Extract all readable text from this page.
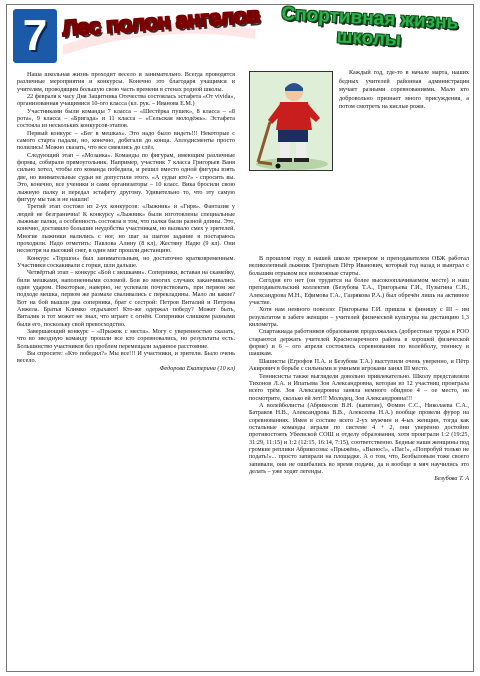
7 Лес полон ангелов	Спортивная жизнь школы

Наша школьная жизнь проходит весело и занимательно. Всегда проводятся различные мероприятия и конкурсы. Конечно это благодаря учащимся и учителям, проводящим большую свою часть времени в стенах родной школы.

22 февраля к часу Дня Защитника Отечества состоялась эстафета «От vivida», организованная учащимися 10-ого класса (кл. рук. – Иванова Е.М.)

Участниками были команды 7 класса – «Шестёрка пушек», 8 класса – «8 рота», 9 класса – «Бригада» и 11 класса – «Сельская молодёжь». Эстафета состояла из нескольких конкурсов-этапов.

Первый конкурс – «Бег в мешках». Это надо было видеть!!! Некоторые с самого старта падали, но, конечно, добегали до конца. Аплодисменты просто полились! Можно сказать, что все смеялись до слёз.

Следующий этап – «Мозаика». Команды по фигурам, имеющим различные формы, собирали прямоугольник. Например, участник 7 класса Григорьев Ваня сильно хотел, чтобы его команда победила, и решил вместо одной фигуры взять две, но внимательные судьи не допустили этого. «А судьи кто?» - спросить вы. Это, конечно, все ученики и сами организаторы – 10 класс. Вика бросили свою лыжную палку и передал эстафету другому. Удивительно то, что эту самую фигуру мы так и не нашли!

Третий этап состоял из 2-ух конкурсов: «Лыжник» и «Гиря». Фантазия у людей не безгранична! К конкурсу «Лыжник» были изготовлены специальные лыжные палки, а особенность состояла в том, что палки были разной длины. Это, конечно, доставило большие неудобства участникам, но вызвало смех у зрителей. Многие лыжники валились с ног, но шаг за шагом задание я постараюсь проходили. Надо отметить: Павлова Алину (8 кл), Жестяну Надю (9 кл). Они несмотря на высокий снег, в один миг прошли дистанцию.

Конкурс «Торшон» был занимательным, но достаточно кратковременным. Участники соскакивали с горки, шли дальше.

Четвёртый этап – конкурс «Бой с мешками». Соперники, вставая на скамейку, били мешками, наполненными соломой. Бои во многих случаях заканчивались один ударом. Некоторые, наверно, не успевали почувствовать, при первом же подходе мешка, первом же размахе сваливались с перекладины. Мало ли какие? Вот на бой вышли два соперника, брат с сестрой: Петров Виталий и Петрова Анжела. Братья Климко отдыхают! Кто-же одержал победу? Может быть, Виталик и тот может не знал, что играет с огнём. Соперники слишком разными были его, поскольку свой превосходство.

Завершающий конкурс – «Прыжок с места». Могу с уверенностью сказать, что во звездную команду прошли все кто соревновались, но результаты есть. Большинство участников без проблем перемещали заданное расстояние.

Вы спросите: «Кто победил?» Мы все!!! И участники, и зрители. Было очень весело.

Федорова Екатерина (10 кл)

Каждый год, где-то в начале марта, наших бедных учителей районная администрация мучает разными соревнованиями. Мало кто добровольно признает много присуждения, а потом смотреть на кислые рожи.

В прошлом году в нашей школе тренером и преподавателем ОБЖ работал великолепный лыжник Григорьев Пётр Иванович, который год назад и выиграл с большим отрывом все возможные старты.

Сегодня его нет (он трудится на более высокооплачиваемом месте) и наш преподавательский коллектив (Безубова Т.А., Григорьева Г.И., Пузыгина С.Н., Александрова М.Н., Ефимова Г.А., Газрякова Р.А.) был обречён лишь на активное участие.

Хотя нам немного повезло: Григорьева Г.И. пришла к финишу с III – им результатом в забеге женщин – учителей физической культуры на дистанцию 1,3 километра.

Спартакиада работников образования продолжалась (добрестные труды и РОО стараются держать учителей Краснозаречного района в хорошей физической форме) и 6 – ого апреля состоялись соревнования по волейболу, теннису и шашкам.

Шашисты (Егрофов П.А. и Безубова Т.А.) выступили очень уверенно, и Пётр Акирович в борьбе с сильными и умными игроками занял III место.

Теннисисты также выглядели довольно привлекательно. Школу представляли Тихонов Л.А. и Ипатьева Зоя Александровна, которая из 12 участниц проиграла всего трём. Зоя Александровна заняла немного обидное 4 – ое место, но посмотрите, сколько ей лет!!! Молодец, Зоя Александровна!!!

А волейболисты (Абрикосов В.Н. (капитан), Фомин С.С., Николаева С.А., Батраков Н.В., Александрова В.В., Алексеева Н.А.) вообще провели фурор на соревнованиях. Имея в составе всего 2-ух мужчин и 4-ых женщин, тогда как остальные команды играли по системе 4 + 2, они уверенно достойно противостоять Убеевской СОШ и отделу образования, хотя проиграли 1:2 (19:25, 31:29, 11:15) и 1:2 (12:15, 16:14, 7:15), соответственно. Бедные наши женщины под громкие реплики Абрикосова: «Прыжём», «Вынос!», «Пас!», «Попробуй только не подать!»... просто запирали на площадке. А о том, что, Безбыловым тоже своего запивали, они не ошибались во время подачи, да и вообще в мяч научились это делать – уже ходят легенды.

Безубова Т. А
